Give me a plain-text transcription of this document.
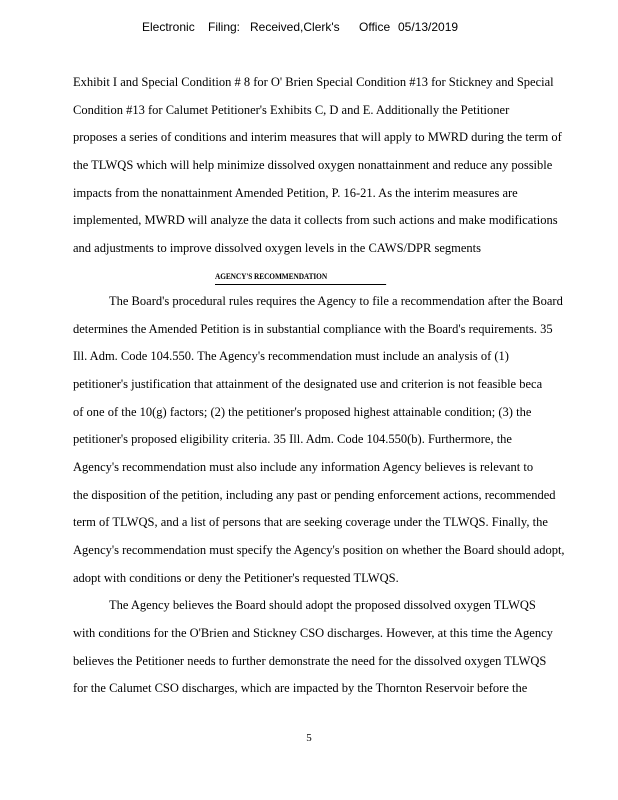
Electronic Filing: Received,Clerk's Office 05/13/2019
Exhibit I and Special Condition # 8 for O' Brien Special Condition #13 for Stickney and Special
Condition #13 for Calumet Petitioner's Exhibits C, D and E. Additionally the Petitioner
proposes a series of conditions and interim measures that will apply to MWRD during the term of
the TLWQS which will help minimize dissolved oxygen nonattainment and reduce any possible
impacts from the nonattainment Amended Petition, P. 16-21. As the interim measures are
implemented, MWRD will analyze the data it collects from such actions and make modifications
and adjustments to improve dissolved oxygen levels in the CAWS/DPR segments
AGENCY'S RECOMMENDATION
The Board's procedural rules requires the Agency to file a recommendation after the Board
determines the Amended Petition is in substantial compliance with the Board's requirements. 35
Ill. Adm. Code 104.550. The Agency's recommendation must include an analysis of (1)
petitioner's justification that attainment of the designated use and criterion is not feasible beca
of one of the 10(g) factors; (2) the petitioner's proposed highest attainable condition; (3) the
petitioner's proposed eligibility criteria. 35 Ill. Adm. Code 104.550(b). Furthermore, the
Agency's recommendation must also include any information Agency believes is relevant to
the disposition of the petition, including any past or pending enforcement actions, recommended
term of TLWQS, and a list of persons that are seeking coverage under the TLWQS. Finally, the
Agency's recommendation must specify the Agency's position on whether the Board should adopt,
adopt with conditions or deny the Petitioner's requested TLWQS.
The Agency believes the Board should adopt the proposed dissolved oxygen TLWQS
with conditions for the O'Brien and Stickney CSO discharges. However, at this time the Agency
believes the Petitioner needs to further demonstrate the need for the dissolved oxygen TLWQS
for the Calumet CSO discharges, which are impacted by the Thornton Reservoir before the
5
